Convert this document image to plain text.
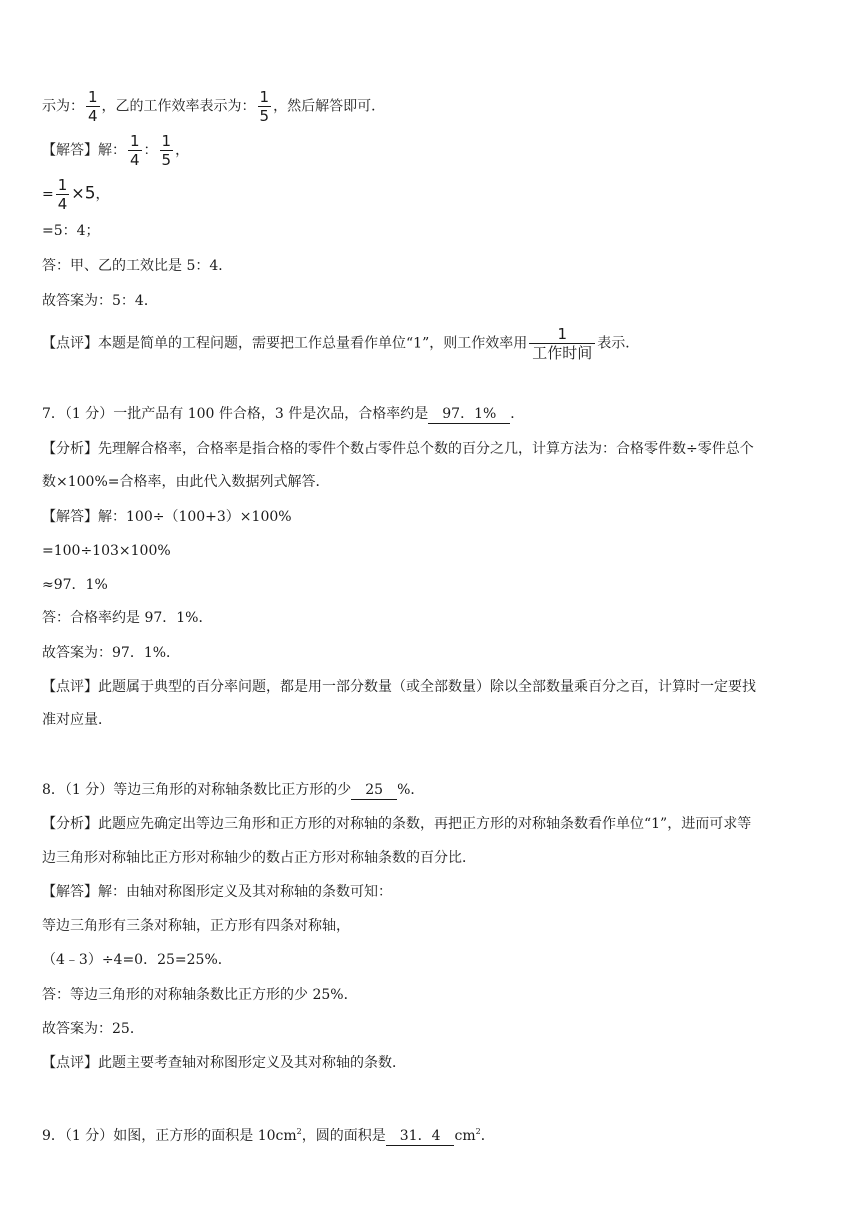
示为： $\frac{1}{4}$ ，乙的工作效率表示为： $\frac{1}{5}$ ，然后解答即可．
【解答】解： $\frac{1}{4}$ ： $\frac{1}{5}$ ，
= $\frac{1}{4} \times 5$，
=5：4；
答：甲、乙的工效比是 5：4．
故答案为：5：4．
【点评】本题是简单的工程问题，需要把工作总量看作单位“1”，则工作效率用 $\frac{1}{\text{工作时间}}$ 表示．
7．（1 分）一批产品有 100 件合格，3 件是次品，合格率约是 97．1% ．
【分析】先理解合格率，合格率是指合格的零件个数占零件总个数的百分之几，计算方法为：合格零件数÷零件总个
数×100%=合格率，由此代入数据列式解答．
【解答】解：100÷（100+3）×100%
=100÷103×100%
≈97．1%
答：合格率约是 97．1%．
故答案为：97．1%．
【点评】此题属于典型的百分率问题，都是用一部分数量（或全部数量）除以全部数量乘百分之百，计算时一定要找
准对应量．
8．（1 分）等边三角形的对称轴条数比正方形的少 25 %．
【分析】此题应先确定出等边三角形和正方形的对称轴的条数，再把正方形的对称轴条数看作单位“1”，进而可求等
边三角形对称轴比正方形对称轴少的数占正方形对称轴条数的百分比．
【解答】解：由轴对称图形定义及其对称轴的条数可知：
等边三角形有三条对称轴，正方形有四条对称轴，
（4﹣3）÷4=0．25=25%．
答：等边三角形的对称轴条数比正方形的少 25%．
故答案为：25．
【点评】此题主要考查轴对称图形定义及其对称轴的条数．
9．（1 分）如图，正方形的面积是 $10cm^2$，圆的面积是 31．4 $cm^2$．
